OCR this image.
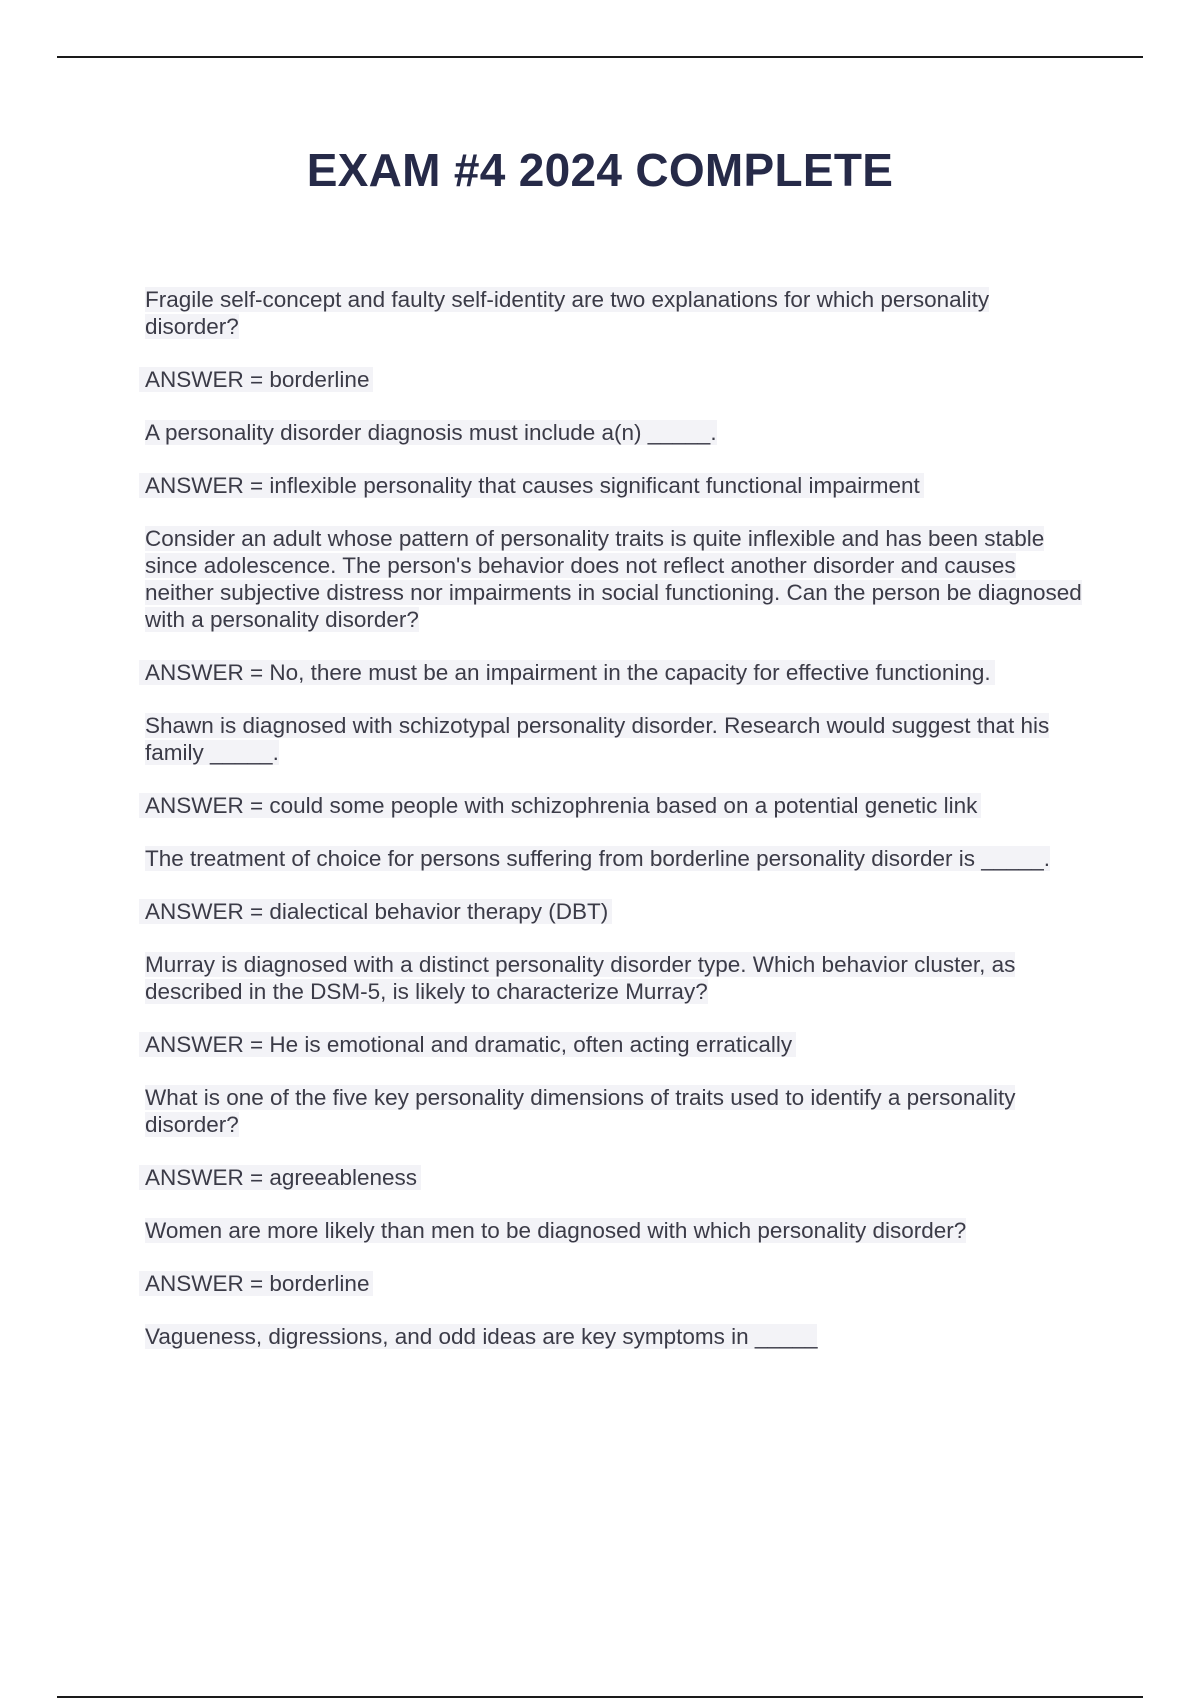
EXAM #4 2024 COMPLETE

Fragile self-concept and faulty self-identity are two explanations for which personality disorder?

ANSWER = borderline

A personality disorder diagnosis must include a(n) _____.

ANSWER = inflexible personality that causes significant functional impairment

Consider an adult whose pattern of personality traits is quite inflexible and has been stable since adolescence. The person's behavior does not reflect another disorder and causes neither subjective distress nor impairments in social functioning. Can the person be diagnosed with a personality disorder?

ANSWER = No, there must be an impairment in the capacity for effective functioning.

Shawn is diagnosed with schizotypal personality disorder. Research would suggest that his family _____.

ANSWER = could some people with schizophrenia based on a potential genetic link

The treatment of choice for persons suffering from borderline personality disorder is _____.

ANSWER = dialectical behavior therapy (DBT)

Murray is diagnosed with a distinct personality disorder type. Which behavior cluster, as described in the DSM-5, is likely to characterize Murray?

ANSWER = He is emotional and dramatic, often acting erratically

What is one of the five key personality dimensions of traits used to identify a personality disorder?

ANSWER = agreeableness

Women are more likely than men to be diagnosed with which personality disorder?

ANSWER = borderline

Vagueness, digressions, and odd ideas are key symptoms in _____
